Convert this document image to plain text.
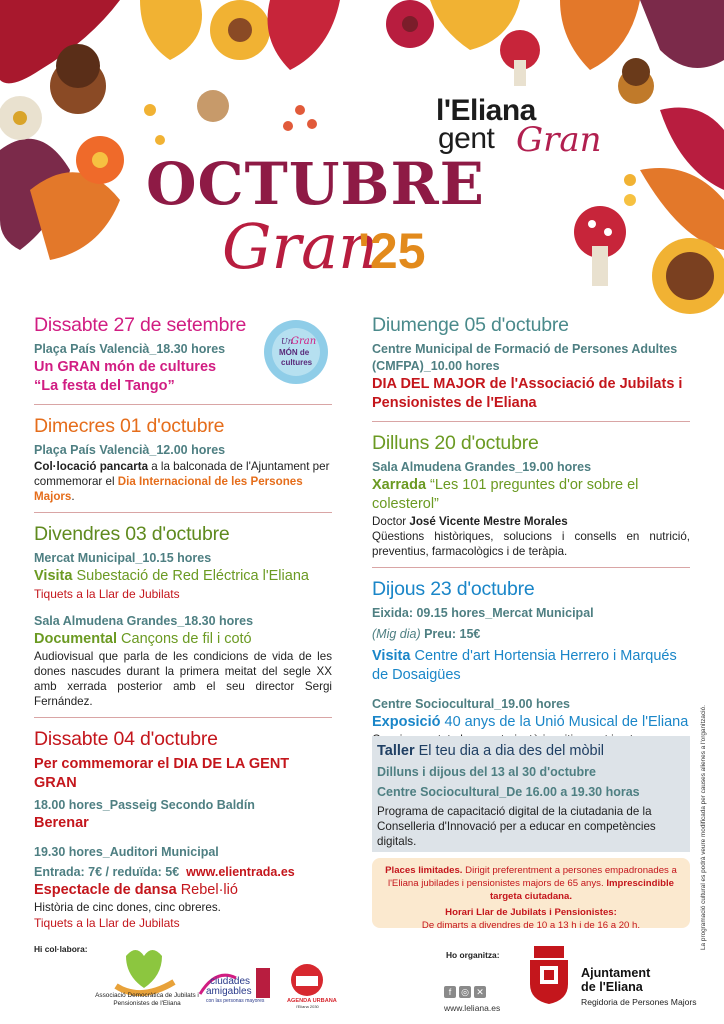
l'Eliana
gent Gran
OCTUBRE
Gran
'25
Un
Gran
MÓN de
cultures
Dissabte 27 de setembre
Plaça País Valencià_18.30 hores
Un GRAN món de cultures
“La festa del Tango”
Dimecres 01 d'octubre
Plaça País Valencià_12.00 hores
Col·locació pancarta a la balconada de l'Ajuntament per commemorar el Dia Internacional de les Persones Majors.
Divendres 03 d'octubre
Mercat Municipal_10.15 hores
Visita Subestació de Red Eléctrica l'Eliana
Tiquets a la Llar de Jubilats
Sala Almudena Grandes_18.30 hores
Documental Cançons de fil i cotó
Audiovisual que parla de les condicions de vida de les dones nascudes durant la primera meitat del segle XX amb xerrada posterior amb el seu director Sergi Fernández.
Dissabte 04 d'octubre
Per commemorar el DIA DE LA GENT GRAN
18.00 hores_Passeig Secondo Baldín
Berenar
19.30 hores_Auditori Municipal
Entrada: 7€ / reduïda: 5€ www.elientrada.es
Espectacle de dansa Rebel·lió
Història de cinc dones, cinc obreres.
Tiquets a la Llar de Jubilats
Diumenge 05 d'octubre
Centre Municipal de Formació de Persones Adultes (CMFPA)_10.00 hores
DIA DEL MAJOR de l'Associació de Jubilats i Pensionistes de l'Eliana
Dilluns 20 d'octubre
Sala Almudena Grandes_19.00 hores
Xarrada “Les 101 preguntes d'or sobre el colesterol”
Doctor José Vicente Mestre Morales
Qüestions històriques, solucions i consells en nutrició, preventius, farmacològics i de teràpia.
Dijous 23 d'octubre
Eixida: 09.15 hores_Mercat Municipal
(Mig dia) Preu: 15€
Visita Centre d'art Hortensia Herrero i Marqués de Dosaigües
Centre Sociocultural_19.00 hores
Exposició 40 anys de la Unió Musical de l'Eliana
Taller El teu dia a dia des del mòbil
Dilluns i dijous del 13 al 30 d'octubre
Centre Sociocultural_De 16.00 a 19.30 horas
Programa de capacitació digital de la ciutadania de la Conselleria d'Innovació per a educar en competències digitals.
Places limitades. Dirigit preferentment a persones empadronades a l'Eliana jubilades i pensionistes majors de 65 anys. Imprescindible targeta ciutadana.
Horari Llar de Jubilats i Pensionistes:
De dimarts a divendres de 10 a 13 h i de 16 a 20 h.	La programació cultural es podrà veure modificada per causes alienes a l'organització.
Hi col·labora:
Associació Democràtica de Jubilats i Pensionistes de l'Eliana
ciudades
amigables
con las personas mayores	AGENDA URBANA
l'Eliana 2030
Ho organitza:
f ◎ ✕
www.leliana.es
Ajuntament
de l'Eliana
Regidoria de Persones Majors
